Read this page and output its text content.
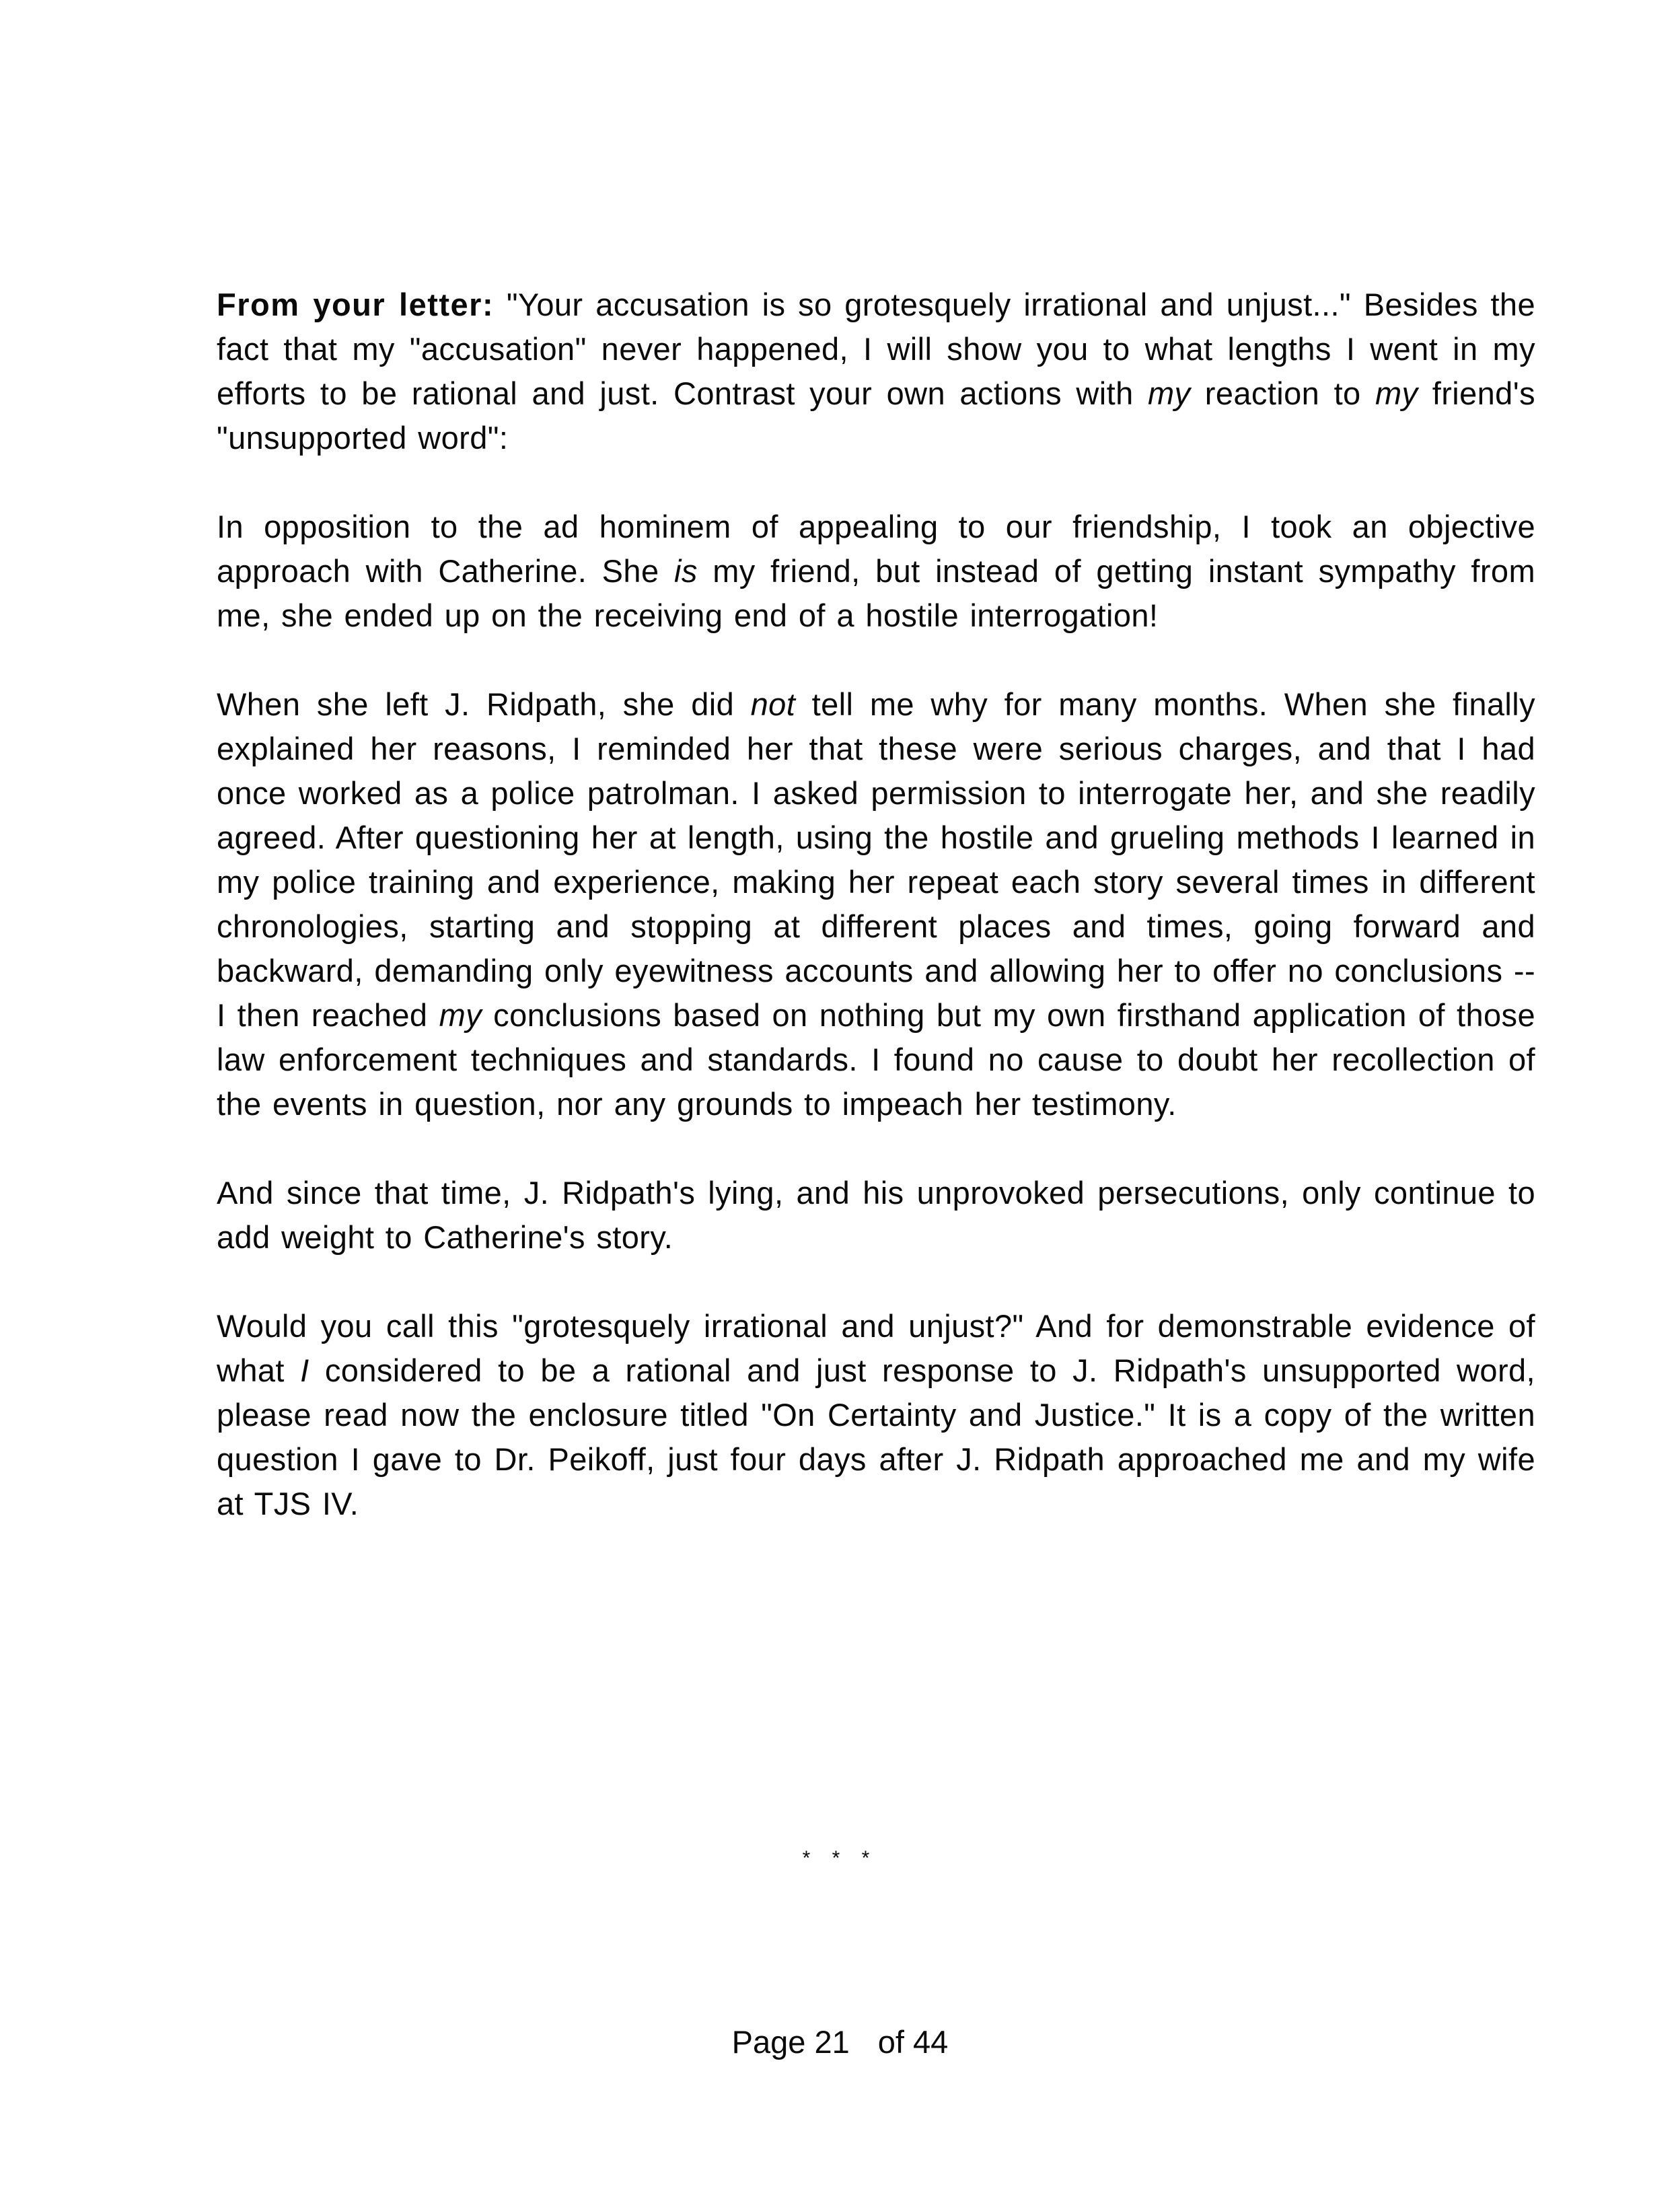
From your letter: "Your accusation is so grotesquely irrational and unjust..." Besides the fact that my "accusation" never happened, I will show you to what lengths I went in my efforts to be rational and just. Contrast your own actions with my reaction to my friend's "unsupported word":

In opposition to the ad hominem of appealing to our friendship, I took an objective approach with Catherine. She is my friend, but instead of getting instant sympathy from me, she ended up on the receiving end of a hostile interrogation!

When she left J. Ridpath, she did not tell me why for many months. When she finally explained her reasons, I reminded her that these were serious charges, and that I had once worked as a police patrolman. I asked permission to interrogate her, and she readily agreed. After questioning her at length, using the hostile and grueling methods I learned in my police training and experience, making her repeat each story several times in different chronologies, starting and stopping at different places and times, going forward and backward, demanding only eyewitness accounts and allowing her to offer no conclusions -- I then reached my conclusions based on nothing but my own firsthand application of those law enforcement techniques and standards. I found no cause to doubt her recollection of the events in question, nor any grounds to impeach her testimony.

And since that time, J. Ridpath's lying, and his unprovoked persecutions, only continue to add weight to Catherine's story.

Would you call this "grotesquely irrational and unjust?" And for demonstrable evidence of what I considered to be a rational and just response to J. Ridpath's unsupported word, please read now the enclosure titled "On Certainty and Justice." It is a copy of the written question I gave to Dr. Peikoff, just four days after J. Ridpath approached me and my wife at TJS IV.

* * *
Page 21 of 44
